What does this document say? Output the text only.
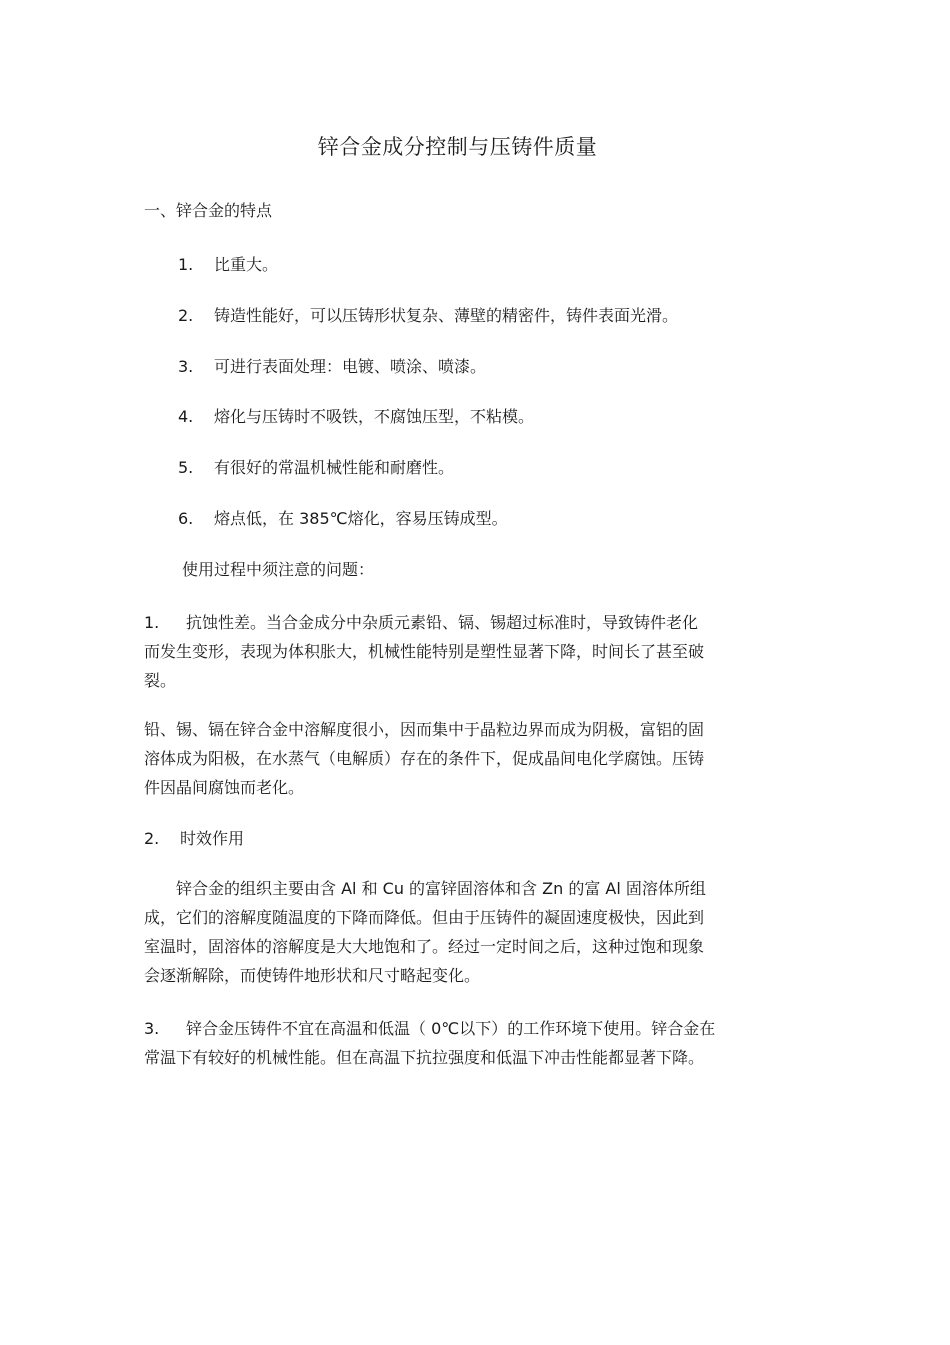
锌合金成分控制与压铸件质量
一、锌合金的特点
1. 比重大。
2. 铸造性能好，可以压铸形状复杂、薄壁的精密件，铸件表面光滑。
3. 可进行表面处理：电镀、喷涂、喷漆。
4. 熔化与压铸时不吸铁，不腐蚀压型，不粘模。
5. 有很好的常温机械性能和耐磨性。
6. 熔点低，在 385℃熔化，容易压铸成型。
使用过程中须注意的问题：
1. 抗蚀性差。当合金成分中杂质元素铅、镉、锡超过标准时，导致铸件老化
而发生变形，表现为体积胀大，机械性能特别是塑性显著下降，时间长了甚至破
裂。
铅、锡、镉在锌合金中溶解度很小，因而集中于晶粒边界而成为阴极，富铝的固
溶体成为阳极，在水蒸气（电解质）存在的条件下，促成晶间电化学腐蚀。压铸
件因晶间腐蚀而老化。
2. 时效作用
锌合金的组织主要由含 Al 和 Cu 的富锌固溶体和含 Zn 的富 Al 固溶体所组
成，它们的溶解度随温度的下降而降低。但由于压铸件的凝固速度极快，因此到
室温时，固溶体的溶解度是大大地饱和了。经过一定时间之后，这种过饱和现象
会逐渐解除，而使铸件地形状和尺寸略起变化。
3. 锌合金压铸件不宜在高温和低温（ 0℃以下）的工作环境下使用。锌合金在
常温下有较好的机械性能。但在高温下抗拉强度和低温下冲击性能都显著下降。
